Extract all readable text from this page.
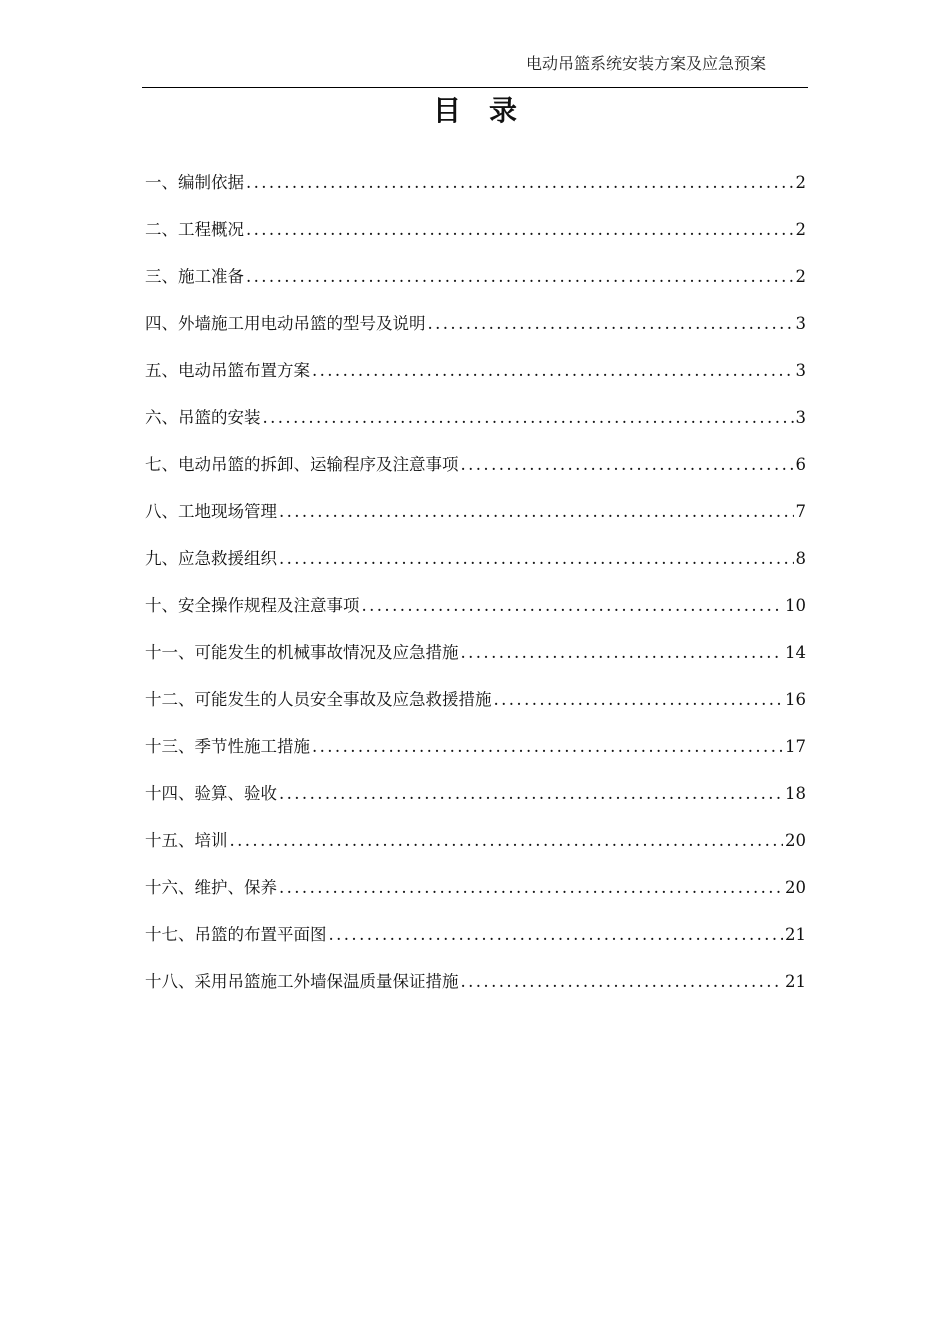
电动吊篮系统安装方案及应急预案
目　录
一、编制依据 .....	2
二、工程概况 .....	2
三、施工准备 .....	2
四、外墙施工用电动吊篮的型号及说明 .....	3
五、电动吊篮布置方案 .....	3
六、吊篮的安装 .....	3
七、电动吊篮的拆卸、运输程序及注意事项 .....	6
八、工地现场管理 .....	7
九、应急救援组织 .....	8
十、安全操作规程及注意事项 .....	10
十一、可能发生的机械事故情况及应急措施 .....	14
十二、可能发生的人员安全事故及应急救援措施 .....	16
十三、季节性施工措施 .....	17
十四、验算、验收 .....	18
十五、培训 .....	20
十六、维护、保养 .....	20
十七、吊篮的布置平面图 .....	21
十八、采用吊篮施工外墙保温质量保证措施 .....	21
